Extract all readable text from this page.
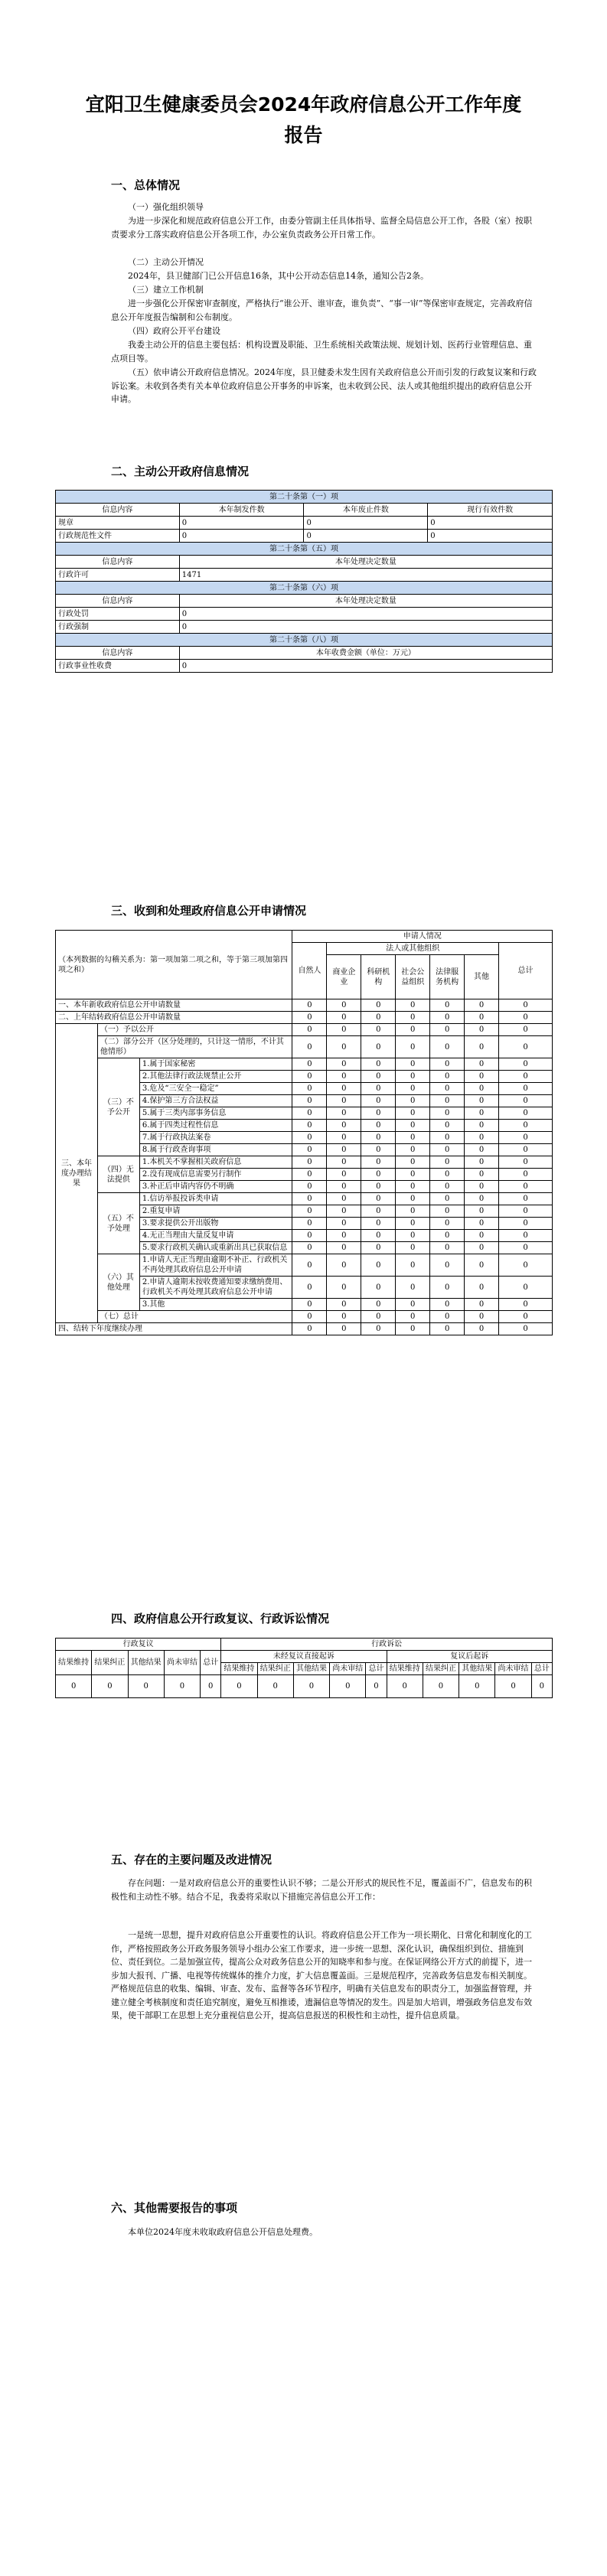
宜阳卫生健康委员会2024年政府信息公开工作年度
报告
一、总体情况
（一）强化组织领导
为进一步深化和规范政府信息公开工作，由委分管副主任具体指导、监督全局信息公开工作，各股（室）按职责要求分工落实政府信息公开各项工作，办公室负责政务公开日常工作。
（二）主动公开情况
2024年，县卫健部门已公开信息16条，其中公开动态信息14条，通知公告2条。
（三）建立工作机制
进一步强化公开保密审查制度，严格执行“谁公开、谁审查，谁负责”、“事一审”等保密审查规定，完善政府信息公开年度报告编制和公布制度。
（四）政府公开平台建设
我委主动公开的信息主要包括：机构设置及职能、卫生系统相关政策法规、规划计划、医药行业管理信息、重点项目等。
（五）依申请公开政府信息情况。2024年度，县卫健委未发生因有关政府信息公开而引发的行政复议案和行政诉讼案。未收到各类有关本单位政府信息公开事务的申诉案，也未收到公民、法人或其他组织提出的政府信息公开申请。
二、主动公开政府信息情况
第二十条第（一）项			
信息内容	本年制发件数	本年废止件数	现行有效件数
规章	0	0	0
行政规范性文件	0	0	0
第二十条第（五）项			
信息内容	本年处理决定数量		
行政许可	1471		
第二十条第（六）项			
信息内容	本年处理决定数量		
行政处罚	0		
行政强制	0		
第二十条第（八）项			
信息内容	本年收费金额（单位：万元）		
行政事业性收费	0		
三、收到和处理政府信息公开申请情况
（本列数据的勾稽关系为：第一项加第二项之和，等于第三项加第四项之和）			申请人情况						
			自然人	法人或其他组织					总计
				商业企业	科研机构	社会公益组织	法律服务机构	其他	
一、本年新收政府信息公开申请数量			0	0	0	0	0	0	0
二、上年结转政府信息公开申请数量			0	0	0	0	0	0	0
三、本年度办理结果	（一）予以公开		0	0	0	0	0	0	0
	（二）部分公开（区分处理的，只计这一情形，不计其他情形）		0	0	0	0	0	0	0
	（三）不予公开	1.属于国家秘密	0	0	0	0	0	0	0
		2.其他法律行政法规禁止公开	0	0	0	0	0	0	0
		3.危及“三安全一稳定”	0	0	0	0	0	0	0
		4.保护第三方合法权益	0	0	0	0	0	0	0
		5.属于三类内部事务信息	0	0	0	0	0	0	0
		6.属于四类过程性信息	0	0	0	0	0	0	0
		7.属于行政执法案卷	0	0	0	0	0	0	0
		8.属于行政查询事项	0	0	0	0	0	0	0
	（四）无法提供	1.本机关不掌握相关政府信息	0	0	0	0	0	0	0
		2.没有现成信息需要另行制作	0	0	0	0	0	0	0
		3.补正后申请内容仍不明确	0	0	0	0	0	0	0
	（五）不予处理	1.信访举报投诉类申请	0	0	0	0	0	0	0
		2.重复申请	0	0	0	0	0	0	0
		3.要求提供公开出版物	0	0	0	0	0	0	0
		4.无正当理由大量反复申请	0	0	0	0	0	0	0
		5.要求行政机关确认或重新出具已获取信息	0	0	0	0	0	0	0
	（六）其他处理	1.申请人无正当理由逾期不补正、行政机关不再处理其政府信息公开申请	0	0	0	0	0	0	0
		2.申请人逾期未按收费通知要求缴纳费用、行政机关不再处理其政府信息公开申请	0	0	0	0	0	0	0
		3.其他	0	0	0	0	0	0	0
	（七）总计		0	0	0	0	0	0	0
四、结转下年度继续办理			0	0	0	0	0	0	0
四、政府信息公开行政复议、行政诉讼情况
行政复议					行政诉讼									
结果维持	结果纠正	其他结果	尚未审结	总计	未经复议直接起诉					复议后起诉				
					结果维持	结果纠正	其他结果	尚未审结	总计	结果维持	结果纠正	其他结果	尚未审结	总计
0	0	0	0	0	0	0	0	0	0	0	0	0	0	0
五、存在的主要问题及改进情况
存在问题：一是对政府信息公开的重要性认识不够；二是公开形式的规民性不足，覆盖面不广，信息发布的积极性和主动性不够。结合不足，我委将采取以下措施完善信息公开工作：
一是统一思想，提升对政府信息公开重要性的认识。将政府信息公开工作为一项长期化、日常化和制度化的工作，严格按照政务公开政务服务领导小组办公室工作要求，进一步统一思想、深化认识，确保组织到位、措施到位、责任到位。二是加强宣传，提高公众对政务信息公开的知晓率和参与度。在保证网络公开方式的前提下，进一步加大报刊、广播、电视等传统媒体的推介力度，扩大信息覆盖面。三是规范程序，完善政务信息发布相关制度。严格规范信息的收集、编辑、审查、发布、监督等各环节程序，明确有关信息发布的职责分工，加强监督管理，并建立健全考核制度和责任追究制度，避免互相推诿，遗漏信息等情况的发生。四是加大培训，增强政务信息发布效果，使干部职工在思想上充分重视信息公开，提高信息报送的积极性和主动性，提升信息质量。
六、其他需要报告的事项
本单位2024年度未收取政府信息公开信息处理费。
